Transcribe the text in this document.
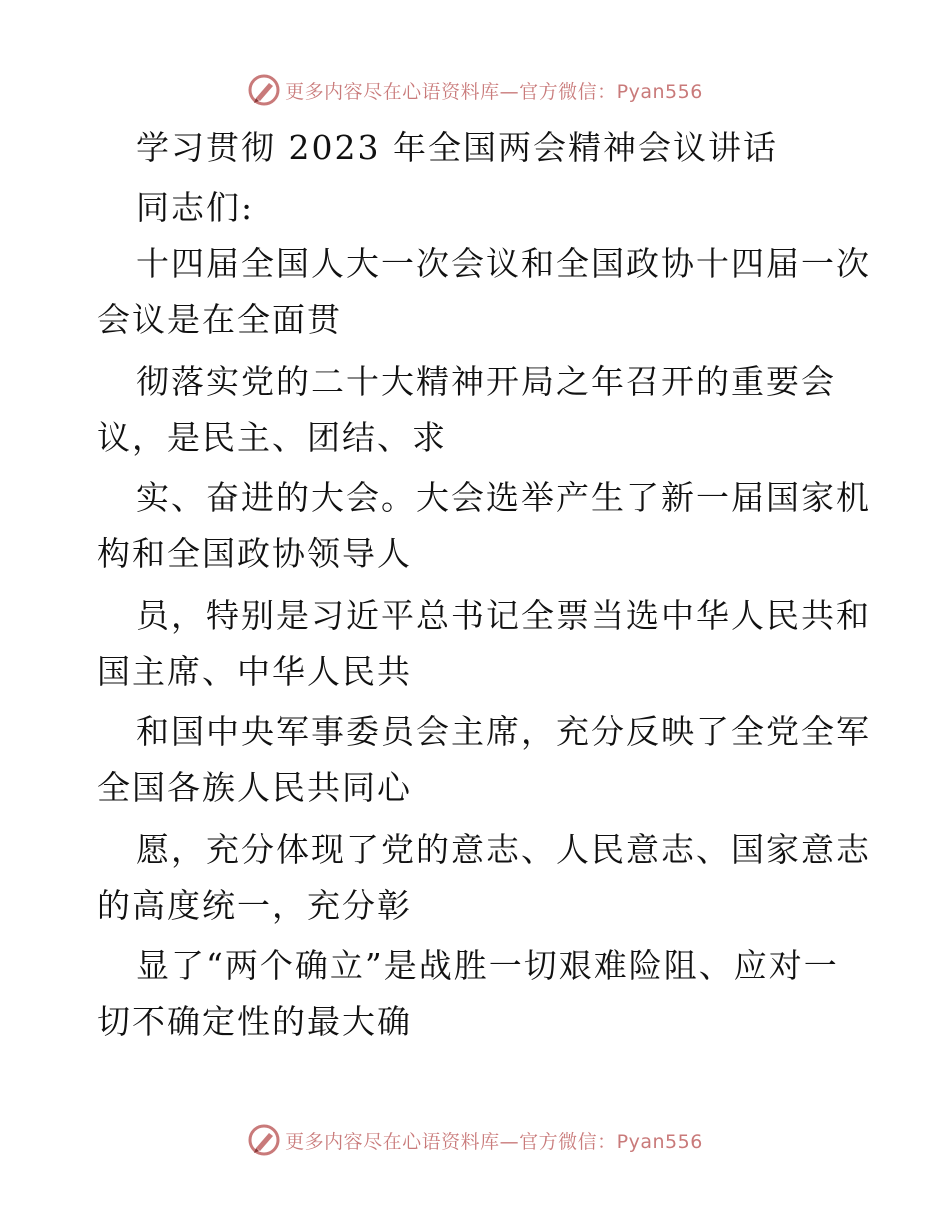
更多内容尽在心语资料库—官方微信：Pyan556
学习贯彻 2023 年全国两会精神会议讲话
同志们:
十四届全国人大一次会议和全国政协十四届一次
会议是在全面贯
彻落实党的二十大精神开局之年召开的重要会
议，是民主、团结、求
实、奋进的大会。大会选举产生了新一届国家机
构和全国政协领导人
员，特别是习近平总书记全票当选中华人民共和
国主席、中华人民共
和国中央军事委员会主席，充分反映了全党全军
全国各族人民共同心
愿，充分体现了党的意志、人民意志、国家意志
的高度统一，充分彰
显了“两个确立”是战胜一切艰难险阻、应对一
切不确定性的最大确
更多内容尽在心语资料库—官方微信：Pyan556
